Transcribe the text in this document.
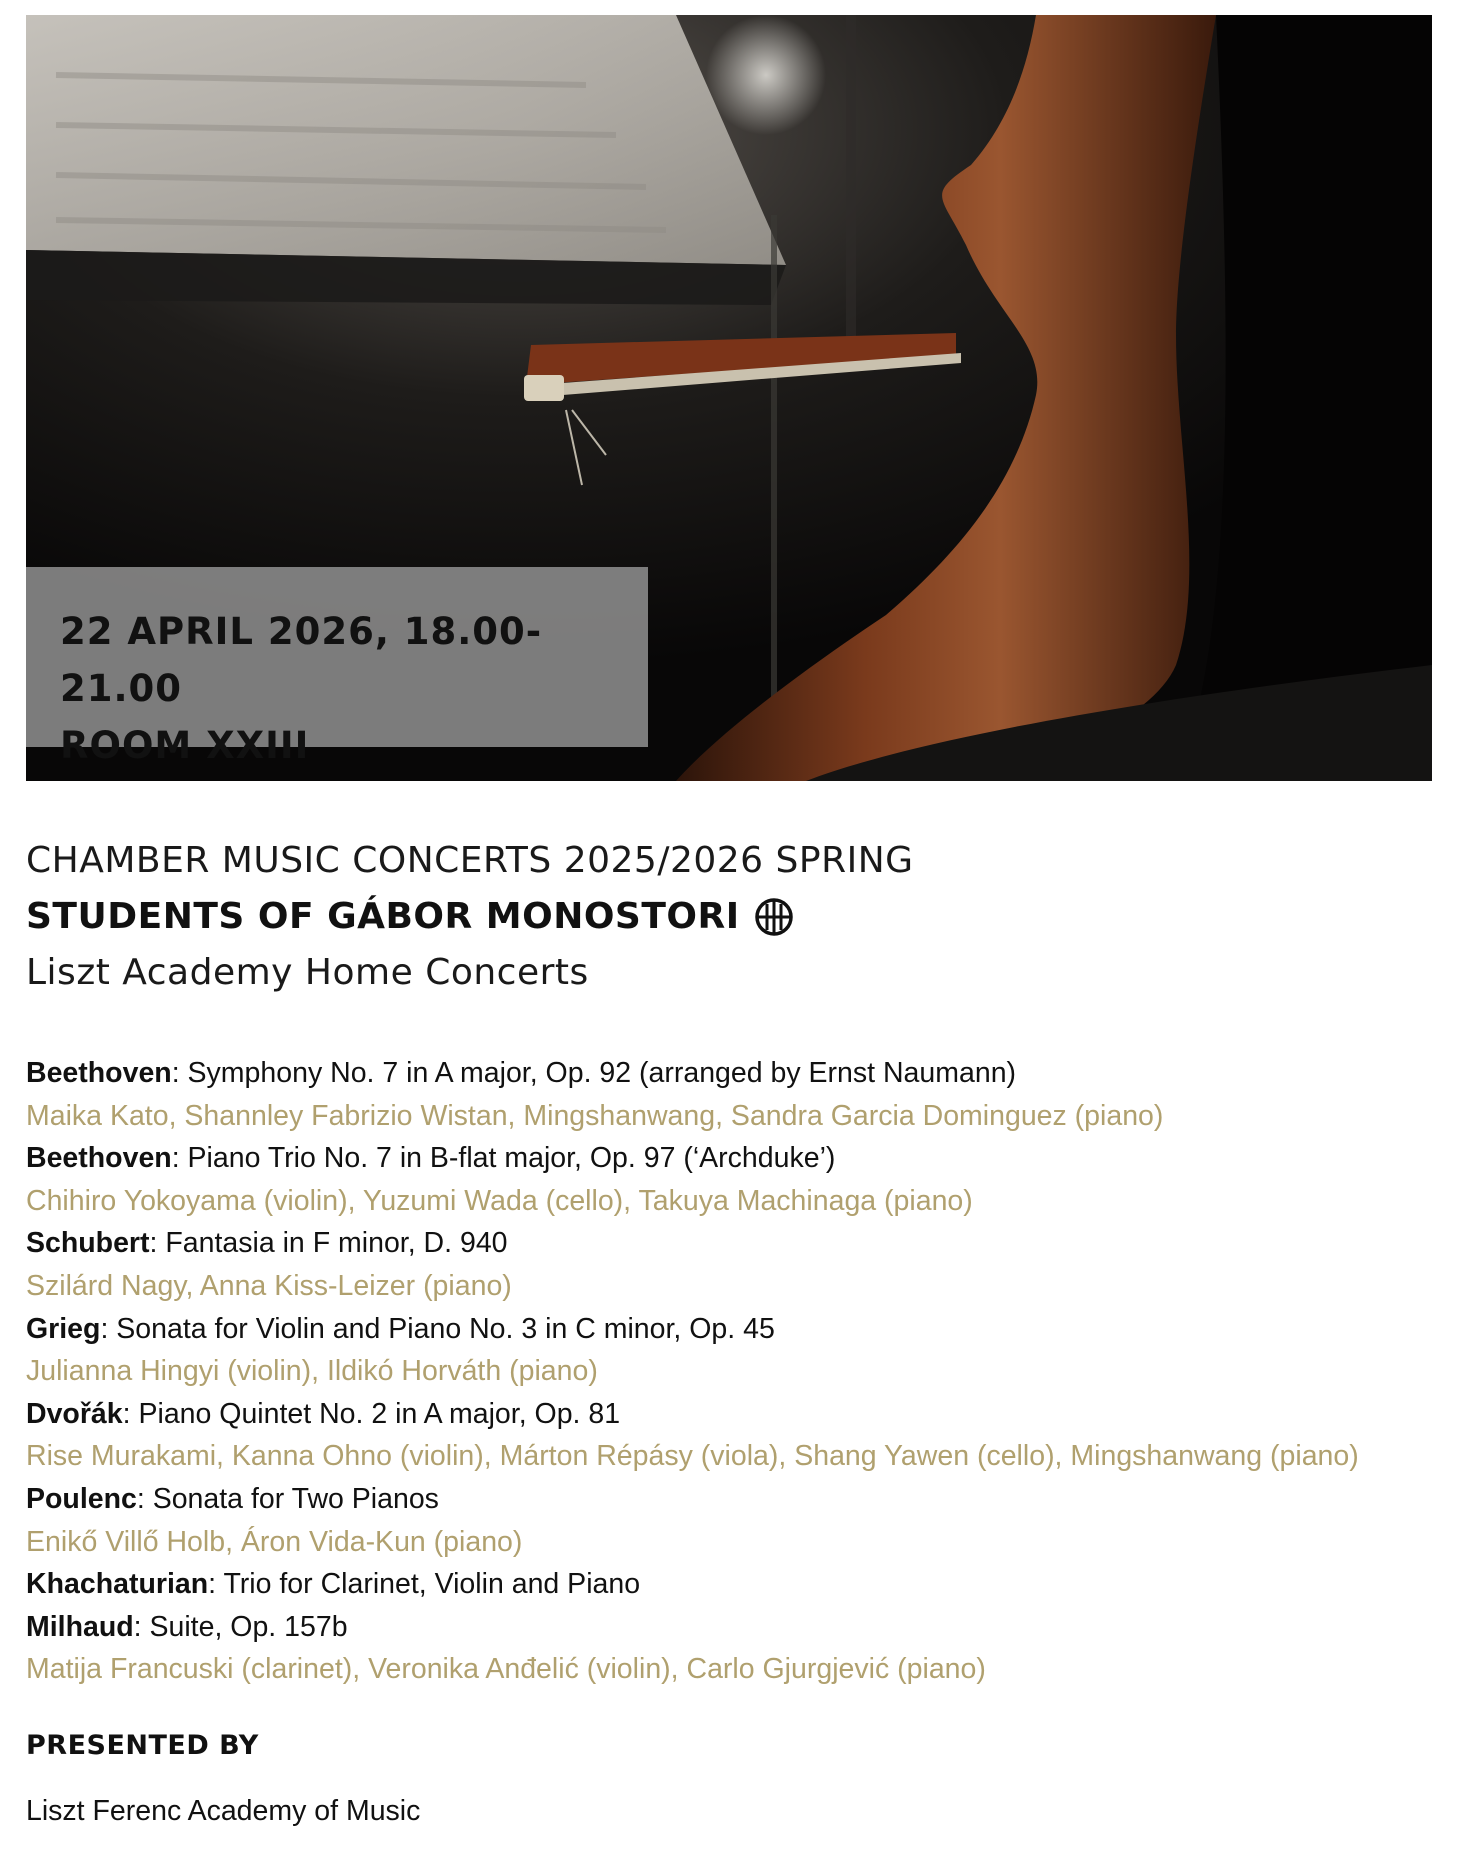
22 APRIL 2026, 18.00-21.00
ROOM XXIII
CHAMBER MUSIC CONCERTS 2025/2026 SPRING
STUDENTS OF GÁBOR MONOSTORI
Liszt Academy Home Concerts
Beethoven: Symphony No. 7 in A major, Op. 92 (arranged by Ernst Naumann)
Maika Kato, Shannley Fabrizio Wistan, Mingshanwang, Sandra Garcia Dominguez (piano)
Beethoven: Piano Trio No. 7 in B-flat major, Op. 97 (‘Archduke’)
Chihiro Yokoyama (violin), Yuzumi Wada (cello), Takuya Machinaga (piano)
Schubert: Fantasia in F minor, D. 940
Szilárd Nagy, Anna Kiss-Leizer (piano)
Grieg: Sonata for Violin and Piano No. 3 in C minor, Op. 45
Julianna Hingyi (violin), Ildikó Horváth (piano)
Dvořák: Piano Quintet No. 2 in A major, Op. 81
Rise Murakami, Kanna Ohno (violin), Márton Répásy (viola), Shang Yawen (cello), Mingshanwang (piano)
Poulenc: Sonata for Two Pianos
Enikő Villő Holb, Áron Vida-Kun (piano)
Khachaturian: Trio for Clarinet, Violin and Piano
Milhaud: Suite, Op. 157b
Matija Francuski (clarinet), Veronika Anđelić (violin), Carlo Gjurgjević (piano)
PRESENTED BY
Liszt Ferenc Academy of Music
